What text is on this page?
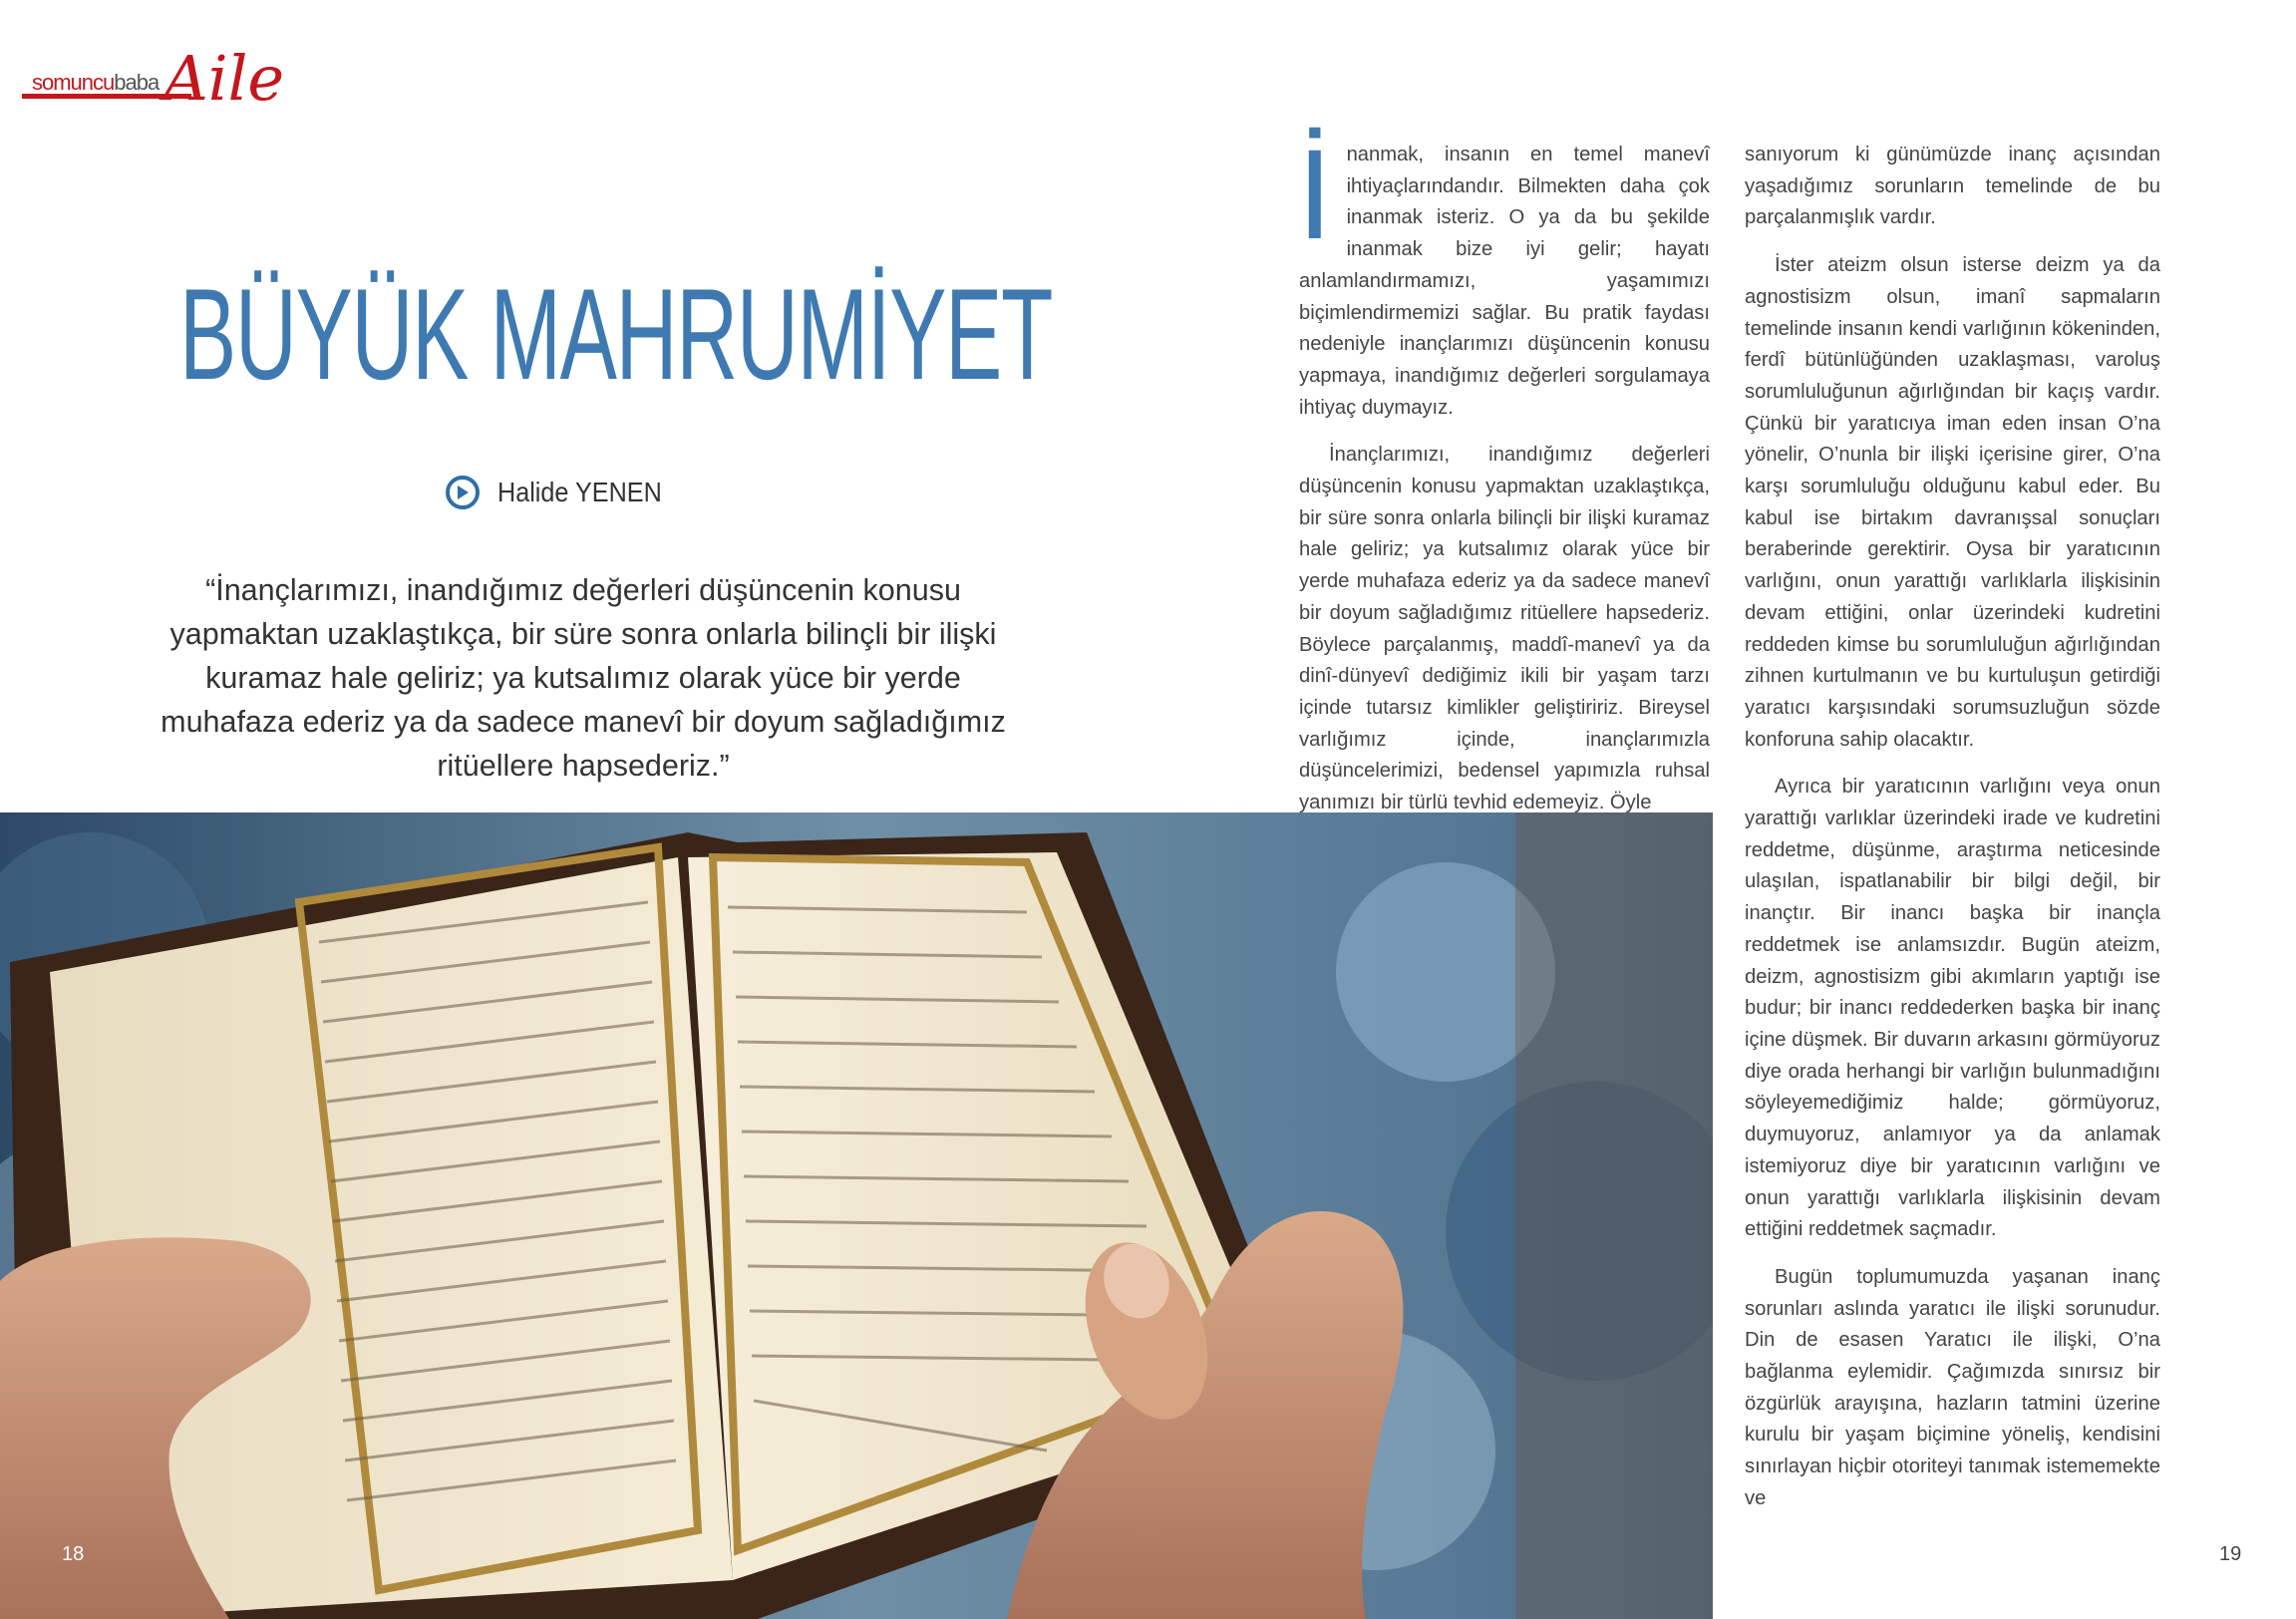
somuncubaba Aile
BÜYÜK MAHRUMİYET
Halide YENEN
“İnançlarımızı, inandığımız değerleri düşüncenin konusu yapmaktan uzaklaştıkça, bir süre sonra onlarla bilinçli bir ilişki kuramaz hale geliriz; ya kutsalımız olarak yüce bir yerde muhafaza ederiz ya da sadece manevî bir doyum sağladığımız ritüellere hapsederiz.”

İnanmak, insanın en temel manevî ihtiyaçlarındandır. Bilmekten daha çok inanmak isteriz. O ya da bu şekilde inanmak bize iyi gelir; hayatı anlamlandırmamızı, yaşamımızı biçimlendirmemizi sağlar. Bu pratik faydası nedeniyle inançlarımızı düşüncenin konusu yapmaya, inandığımız değerleri sorgulamaya ihtiyaç duymayız.

İnançlarımızı, inandığımız değerleri düşüncenin konusu yapmaktan uzaklaştıkça, bir süre sonra onlarla bilinçli bir ilişki kuramaz hale geliriz; ya kutsalımız olarak yüce bir yerde muhafaza ederiz ya da sadece manevî bir doyum sağladığımız ritüellere hapsederiz. Böylece parçalanmış, maddî-manevî ya da dinî-dünyevî dediğimiz ikili bir yaşam tarzı içinde tutarsız kimlikler geliştiririz. Bireysel varlığımız içinde, inançlarımızla düşüncelerimizi, bedensel yapımızla ruhsal yanımızı bir türlü tevhid edemeyiz. Öyle

sanıyorum ki günümüzde inanç açısından yaşadığımız sorunların temelinde de bu parçalanmışlık vardır.

İster ateizm olsun isterse deizm ya da agnostisizm olsun, imanî sapmaların temelinde insanın kendi varlığının kökeninden, ferdî bütünlüğünden uzaklaşması, varoluş sorumluluğunun ağırlığından bir kaçış vardır. Çünkü bir yaratıcıya iman eden insan O’na yönelir, O’nunla bir ilişki içerisine girer, O’na karşı sorumluluğu olduğunu kabul eder. Bu kabul ise birtakım davranışsal sonuçları beraberinde gerektirir. Oysa bir yaratıcının varlığını, onun yarattığı varlıklarla ilişkisinin devam ettiğini, onlar üzerindeki kudretini reddeden kimse bu sorumluluğun ağırlığından zihnen kurtulmanın ve bu kurtuluşun getirdiği yaratıcı karşısındaki sorumsuzluğun sözde konforuna sahip olacaktır.

Ayrıca bir yaratıcının varlığını veya onun yarattığı varlıklar üzerindeki irade ve kudretini reddetme, düşünme, araştırma neticesinde ulaşılan, ispatlanabilir bir bilgi değil, bir inançtır. Bir inancı başka bir inançla reddetmek ise anlamsızdır. Bugün ateizm, deizm, agnostisizm gibi akımların yaptığı ise budur; bir inancı reddederken başka bir inanç içine düşmek. Bir duvarın arkasını görmüyoruz diye orada herhangi bir varlığın bulunmadığını söyleyemediğimiz halde; görmüyoruz, duymuyoruz, anlamıyor ya da anlamak istemiyoruz diye bir yaratıcının varlığını ve onun yarattığı varlıklarla ilişkisinin devam ettiğini reddetmek saçmadır.

Bugün toplumumuzda yaşanan inanç sorunları aslında yaratıcı ile ilişki sorunudur. Din de esasen Yaratıcı ile ilişki, O’na bağlanma eylemidir. Çağımızda sınırsız bir özgürlük arayışına, hazların tatmini üzerine kurulu bir yaşam biçimine yöneliş, kendisini sınırlayan hiçbir otoriteyi tanımak istememekte ve

18	19
